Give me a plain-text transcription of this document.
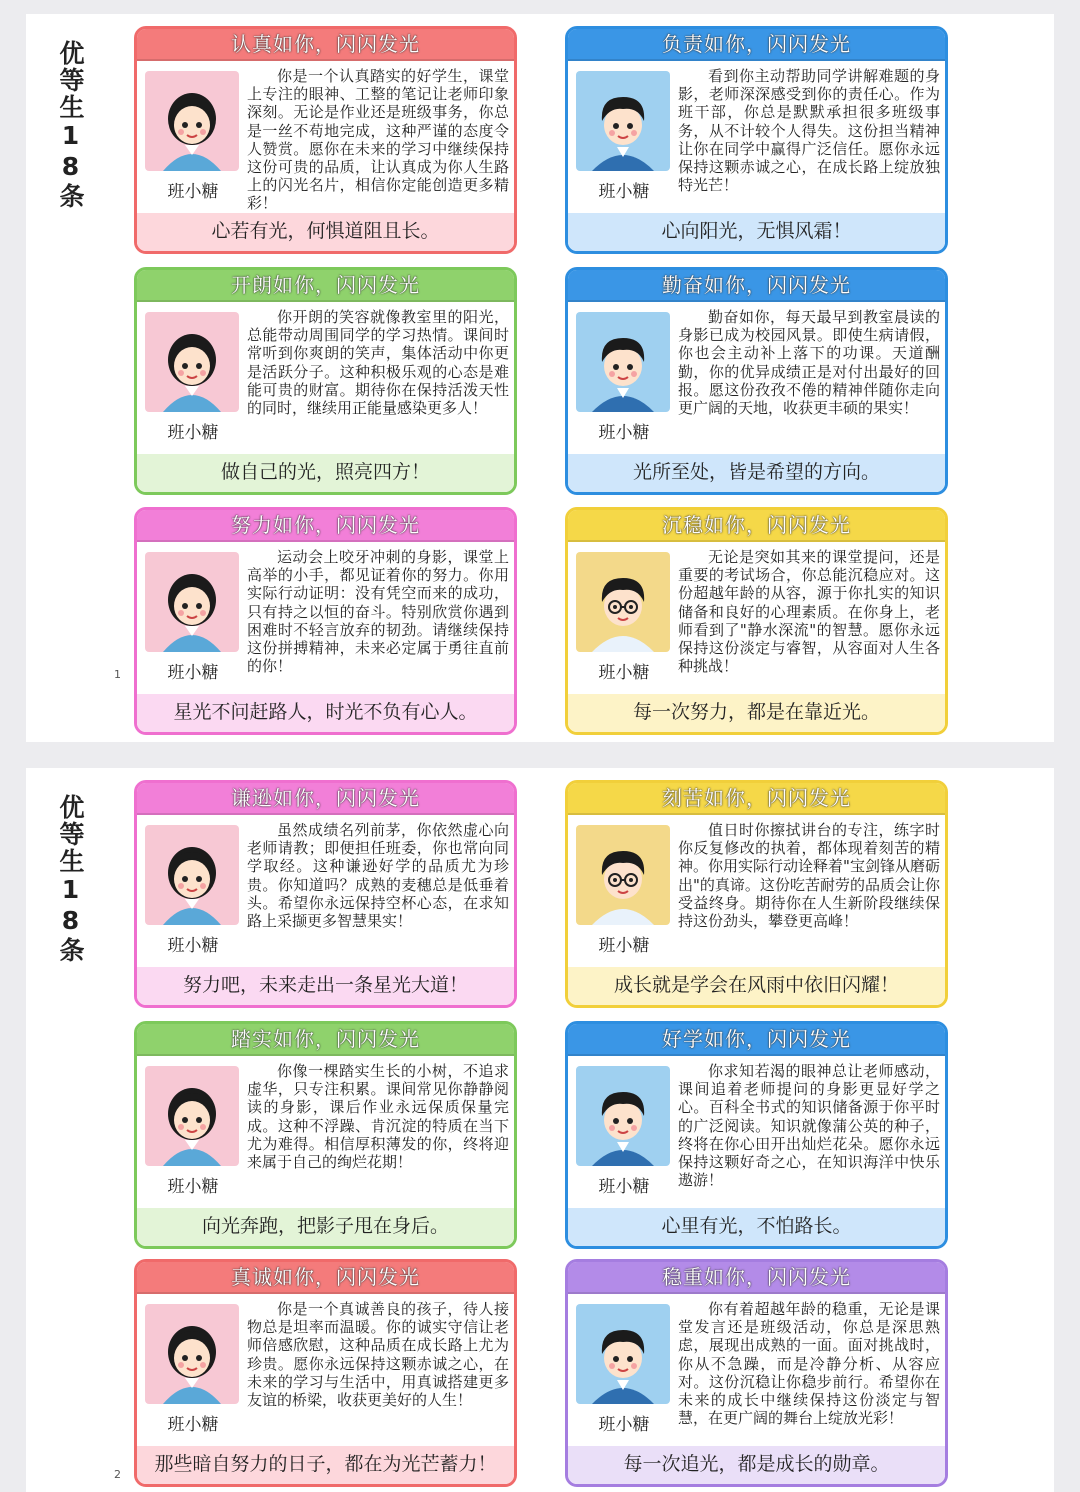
优等生18条
1
认真如你，闪闪发光
班小糖

你是一个认真踏实的好学生，课堂上专注的眼神、工整的笔记让老师印象深刻。无论是作业还是班级事务，你总是一丝不苟地完成，这种严谨的态度令人赞赏。愿你在未来的学习中继续保持这份可贵的品质，让认真成为你人生路上的闪光名片，相信你定能创造更多精彩！

心若有光，何惧道阻且长。
负责如你，闪闪发光
班小糖

看到你主动帮助同学讲解难题的身影，老师深深感受到你的责任心。作为班干部，你总是默默承担很多班级事务，从不计较个人得失。这份担当精神让你在同学中赢得广泛信任。愿你永远保持这颗赤诚之心，在成长路上绽放独特光芒！

心向阳光，无惧风霜！
开朗如你，闪闪发光
班小糖

你开朗的笑容就像教室里的阳光，总能带动周围同学的学习热情。课间时常听到你爽朗的笑声，集体活动中你更是活跃分子。这种积极乐观的心态是难能可贵的财富。期待你在保持活泼天性的同时，继续用正能量感染更多人！

做自己的光，照亮四方！
勤奋如你，闪闪发光
班小糖

勤奋如你，每天最早到教室晨读的身影已成为校园风景。即使生病请假，你也会主动补上落下的功课。天道酬勤，你的优异成绩正是对付出最好的回报。愿这份孜孜不倦的精神伴随你走向更广阔的天地，收获更丰硕的果实！

光所至处，皆是希望的方向。
努力如你，闪闪发光
班小糖

运动会上咬牙冲刺的身影，课堂上高举的小手，都见证着你的努力。你用实际行动证明：没有凭空而来的成功，只有持之以恒的奋斗。特别欣赏你遇到困难时不轻言放弃的韧劲。请继续保持这份拼搏精神，未来必定属于勇往直前的你！

星光不问赶路人，时光不负有心人。
沉稳如你，闪闪发光
班小糖

无论是突如其来的课堂提问，还是重要的考试场合，你总能沉稳应对。这份超越年龄的从容，源于你扎实的知识储备和良好的心理素质。在你身上，老师看到了"静水深流"的智慧。愿你永远保持这份淡定与睿智，从容面对人生各种挑战！

每一次努力，都是在靠近光。
优等生18条
2
谦逊如你，闪闪发光
班小糖

虽然成绩名列前茅，你依然虚心向老师请教；即便担任班委，你也常向同学取经。这种谦逊好学的品质尤为珍贵。你知道吗？成熟的麦穗总是低垂着头。希望你永远保持空杯心态，在求知路上采撷更多智慧果实！

努力吧，未来走出一条星光大道！
刻苦如你，闪闪发光
班小糖

值日时你擦拭讲台的专注，练字时你反复修改的执着，都体现着刻苦的精神。你用实际行动诠释着"宝剑锋从磨砺出"的真谛。这份吃苦耐劳的品质会让你受益终身。期待你在人生新阶段继续保持这份劲头，攀登更高峰！

成长就是学会在风雨中依旧闪耀！
踏实如你，闪闪发光
班小糖

你像一棵踏实生长的小树，不追求虚华，只专注积累。课间常见你静静阅读的身影，课后作业永远保质保量完成。这种不浮躁、肯沉淀的特质在当下尤为难得。相信厚积薄发的你，终将迎来属于自己的绚烂花期！

向光奔跑，把影子甩在身后。
好学如你，闪闪发光
班小糖

你求知若渴的眼神总让老师感动，课间追着老师提问的身影更显好学之心。百科全书式的知识储备源于你平时的广泛阅读。知识就像蒲公英的种子，终将在你心田开出灿烂花朵。愿你永远保持这颗好奇之心，在知识海洋中快乐遨游！

心里有光，不怕路长。
真诚如你，闪闪发光
班小糖

你是一个真诚善良的孩子，待人接物总是坦率而温暖。你的诚实守信让老师倍感欣慰，这种品质在成长路上尤为珍贵。愿你永远保持这颗赤诚之心，在未来的学习与生活中，用真诚搭建更多友谊的桥梁，收获更美好的人生！

那些暗自努力的日子，都在为光芒蓄力！
稳重如你，闪闪发光
班小糖

你有着超越年龄的稳重，无论是课堂发言还是班级活动，你总是深思熟虑，展现出成熟的一面。面对挑战时，你从不急躁，而是冷静分析、从容应对。这份沉稳让你稳步前行。希望你在未来的成长中继续保持这份淡定与智慧，在更广阔的舞台上绽放光彩！

每一次追光，都是成长的勋章。
